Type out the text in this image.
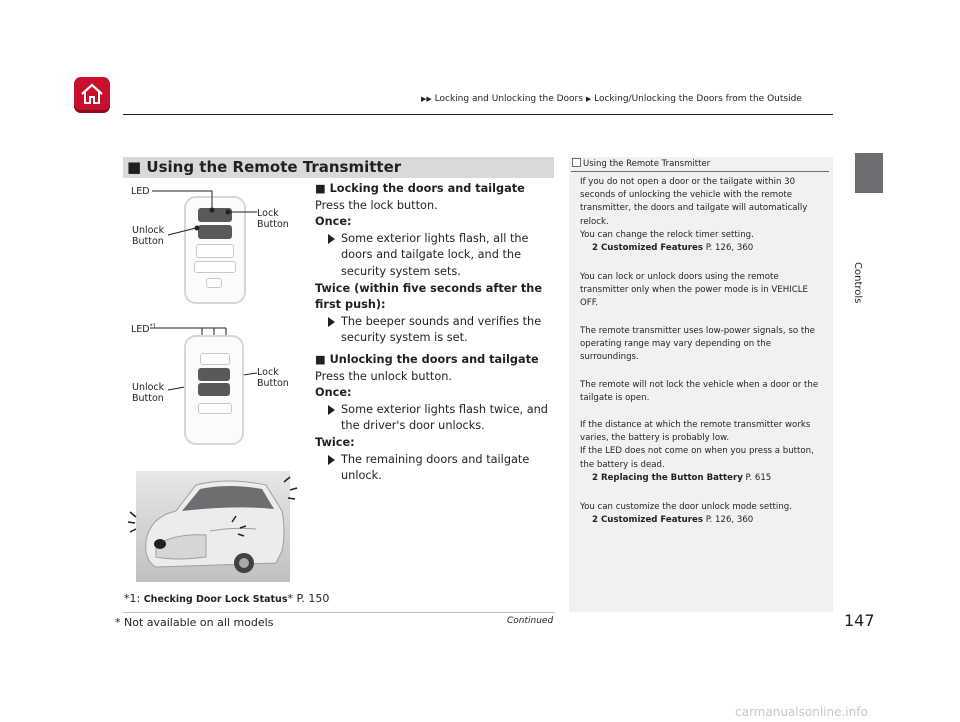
▶▶ Locking and Unlocking the Doors ▶ Locking/Unlocking the Doors from the Outside
Controls
■ Using the Remote Transmitter
LED
Lock
Button
Unlock
Button
LED$^{*1}$
Lock
Button
Unlock
Button
■ Locking the doors and tailgate
Press the lock button.
Once:
Some exterior lights flash, all the doors and tailgate lock, and the security system sets.
Twice (within five seconds after the first push):
The beeper sounds and verifies the security system is set.
■ Unlocking the doors and tailgate
Press the unlock button.
Once:
Some exterior lights flash twice, and the driver's door unlocks.
Twice:
The remaining doors and tailgate unlock.
*1: Checking Door Lock Status* P. 150
Using the Remote Transmitter
If you do not open a door or the tailgate within 30 seconds of unlocking the vehicle with the remote transmitter, the doors and tailgate will automatically relock.
You can change the relock timer setting.
2 Customized Features P. 126, 360
You can lock or unlock doors using the remote transmitter only when the power mode is in VEHICLE OFF.
The remote transmitter uses low-power signals, so the operating range may vary depending on the surroundings.
The remote will not lock the vehicle when a door or the tailgate is open.
If the distance at which the remote transmitter works varies, the battery is probably low.
If the LED does not come on when you press a button, the battery is dead.
2 Replacing the Button Battery P. 615
You can customize the door unlock mode setting.
2 Customized Features P. 126, 360
Continued	147
* Not available on all models
carmanualsonline.info
